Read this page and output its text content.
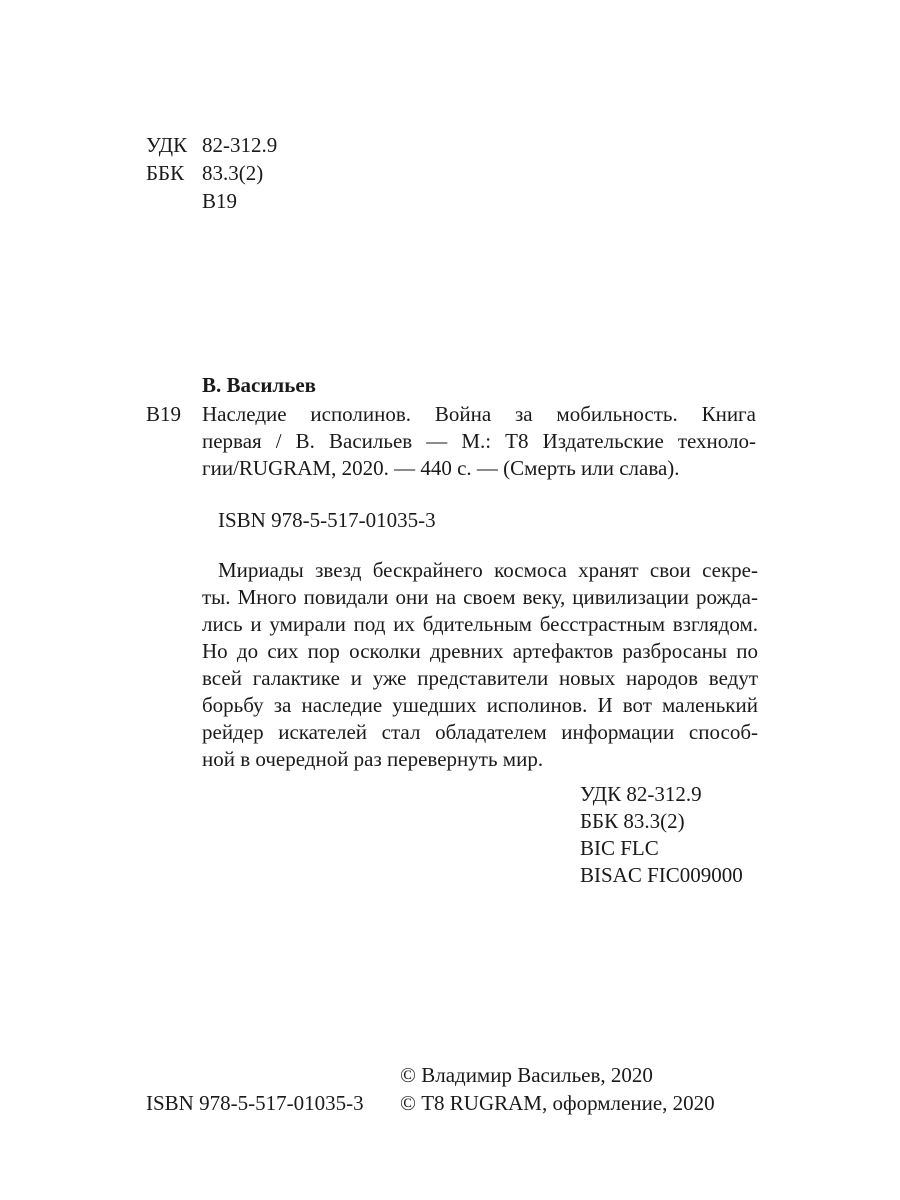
УДК 82-312.9
ББК 83.3(2)
В19
В. Васильев
В19 Наследие исполинов. Война за мобильность. Книга
первая / В. Васильев — М.: Т8 Издательские техноло-
гии/RUGRAM, 2020. — 440 с. — (Смерть или слава).
ISBN 978-5-517-01035-3
Мириады звезд бескрайнего космоса хранят свои секре-
ты. Много повидали они на своем веку, цивилизации рожда-
лись и умирали под их бдительным бесстрастным взглядом.
Но до сих пор осколки древних артефактов разбросаны по
всей галактике и уже представители новых народов ведут
борьбу за наследие ушедших исполинов. И вот маленький
рейдер искателей стал обладателем информации способ-
ной в очередной раз перевернуть мир.
УДК 82-312.9
ББК 83.3(2)
BIC FLC
BISAC FIC009000
© Владимир Васильев, 2020
ISBN 978-5-517-01035-3 © Т8 RUGRAM, оформление, 2020
